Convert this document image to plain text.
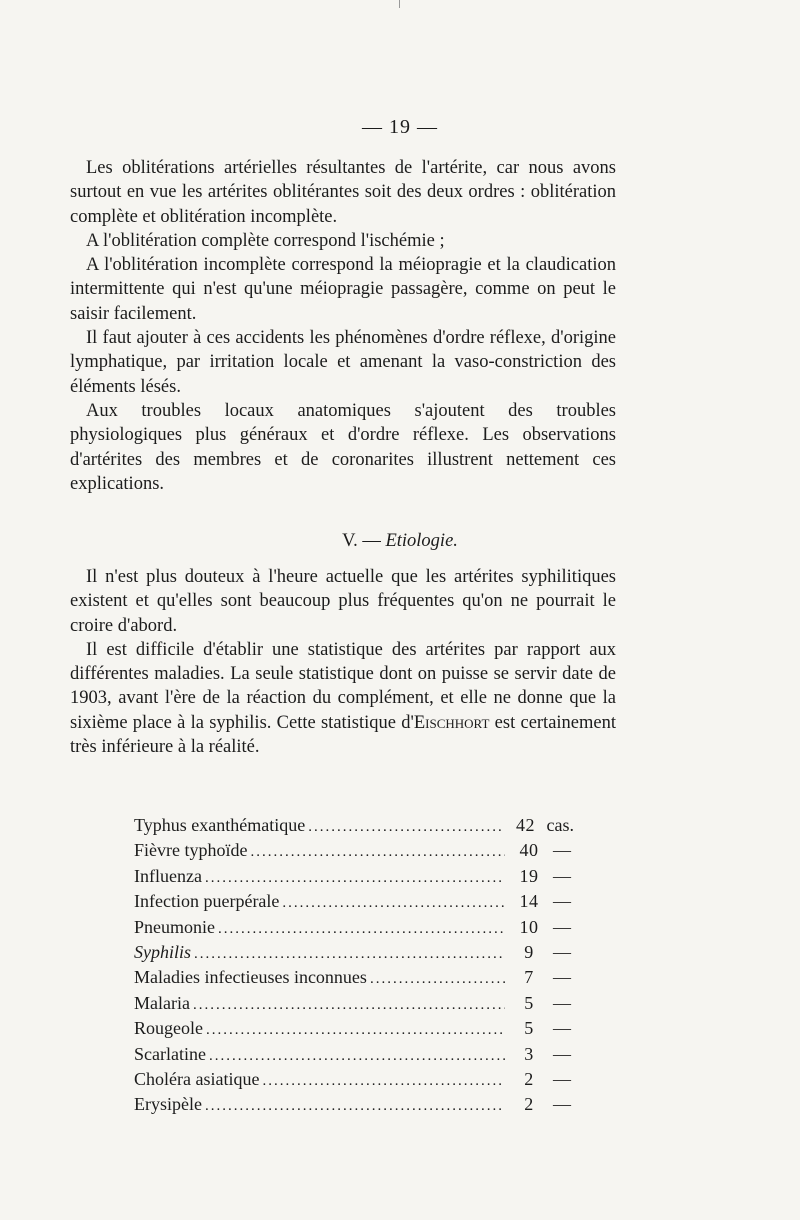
— 19 —

Les oblitérations artérielles résultantes de l'artérite, car nous avons surtout en vue les artérites oblitérantes soit des deux ordres : oblitération complète et oblitération incomplète.

A l'oblitération complète correspond l'ischémie ;

A l'oblitération incomplète correspond la méiopragie et la claudication intermittente qui n'est qu'une méiopragie passagère, comme on peut le saisir facilement.

Il faut ajouter à ces accidents les phénomènes d'ordre réflexe, d'origine lymphatique, par irritation locale et amenant la vaso-constriction des éléments lésés.

Aux troubles locaux anatomiques s'ajoutent des troubles physiologiques plus généraux et d'ordre réflexe. Les observations d'artérites des membres et de coronarites illustrent nettement ces explications.

V. — Etiologie.

Il n'est plus douteux à l'heure actuelle que les artérites syphilitiques existent et qu'elles sont beaucoup plus fréquentes qu'on ne pourrait le croire d'abord.

Il est difficile d'établir une statistique des artérites par rapport aux différentes maladies. La seule statistique dont on puisse se servir date de 1903, avant l'ère de la réaction du complément, et elle ne donne que la sixième place à la syphilis. Cette statistique d'Eischhort est certainement très inférieure à la réalité.

Typhus exanthématique .....	42 cas.
Fièvre typhoïde .....	40 —
Influenza .....	19 —
Infection puerpérale .....	14 —
Pneumonie .....	10 —
Syphilis .....	9	—
Maladies infectieuses inconnues .....	7	—
Malaria .....	5	—
Rougeole .....	5	—
Scarlatine .....	3	—
Choléra asiatique .....	2	—
Erysipèle .....	2	—
